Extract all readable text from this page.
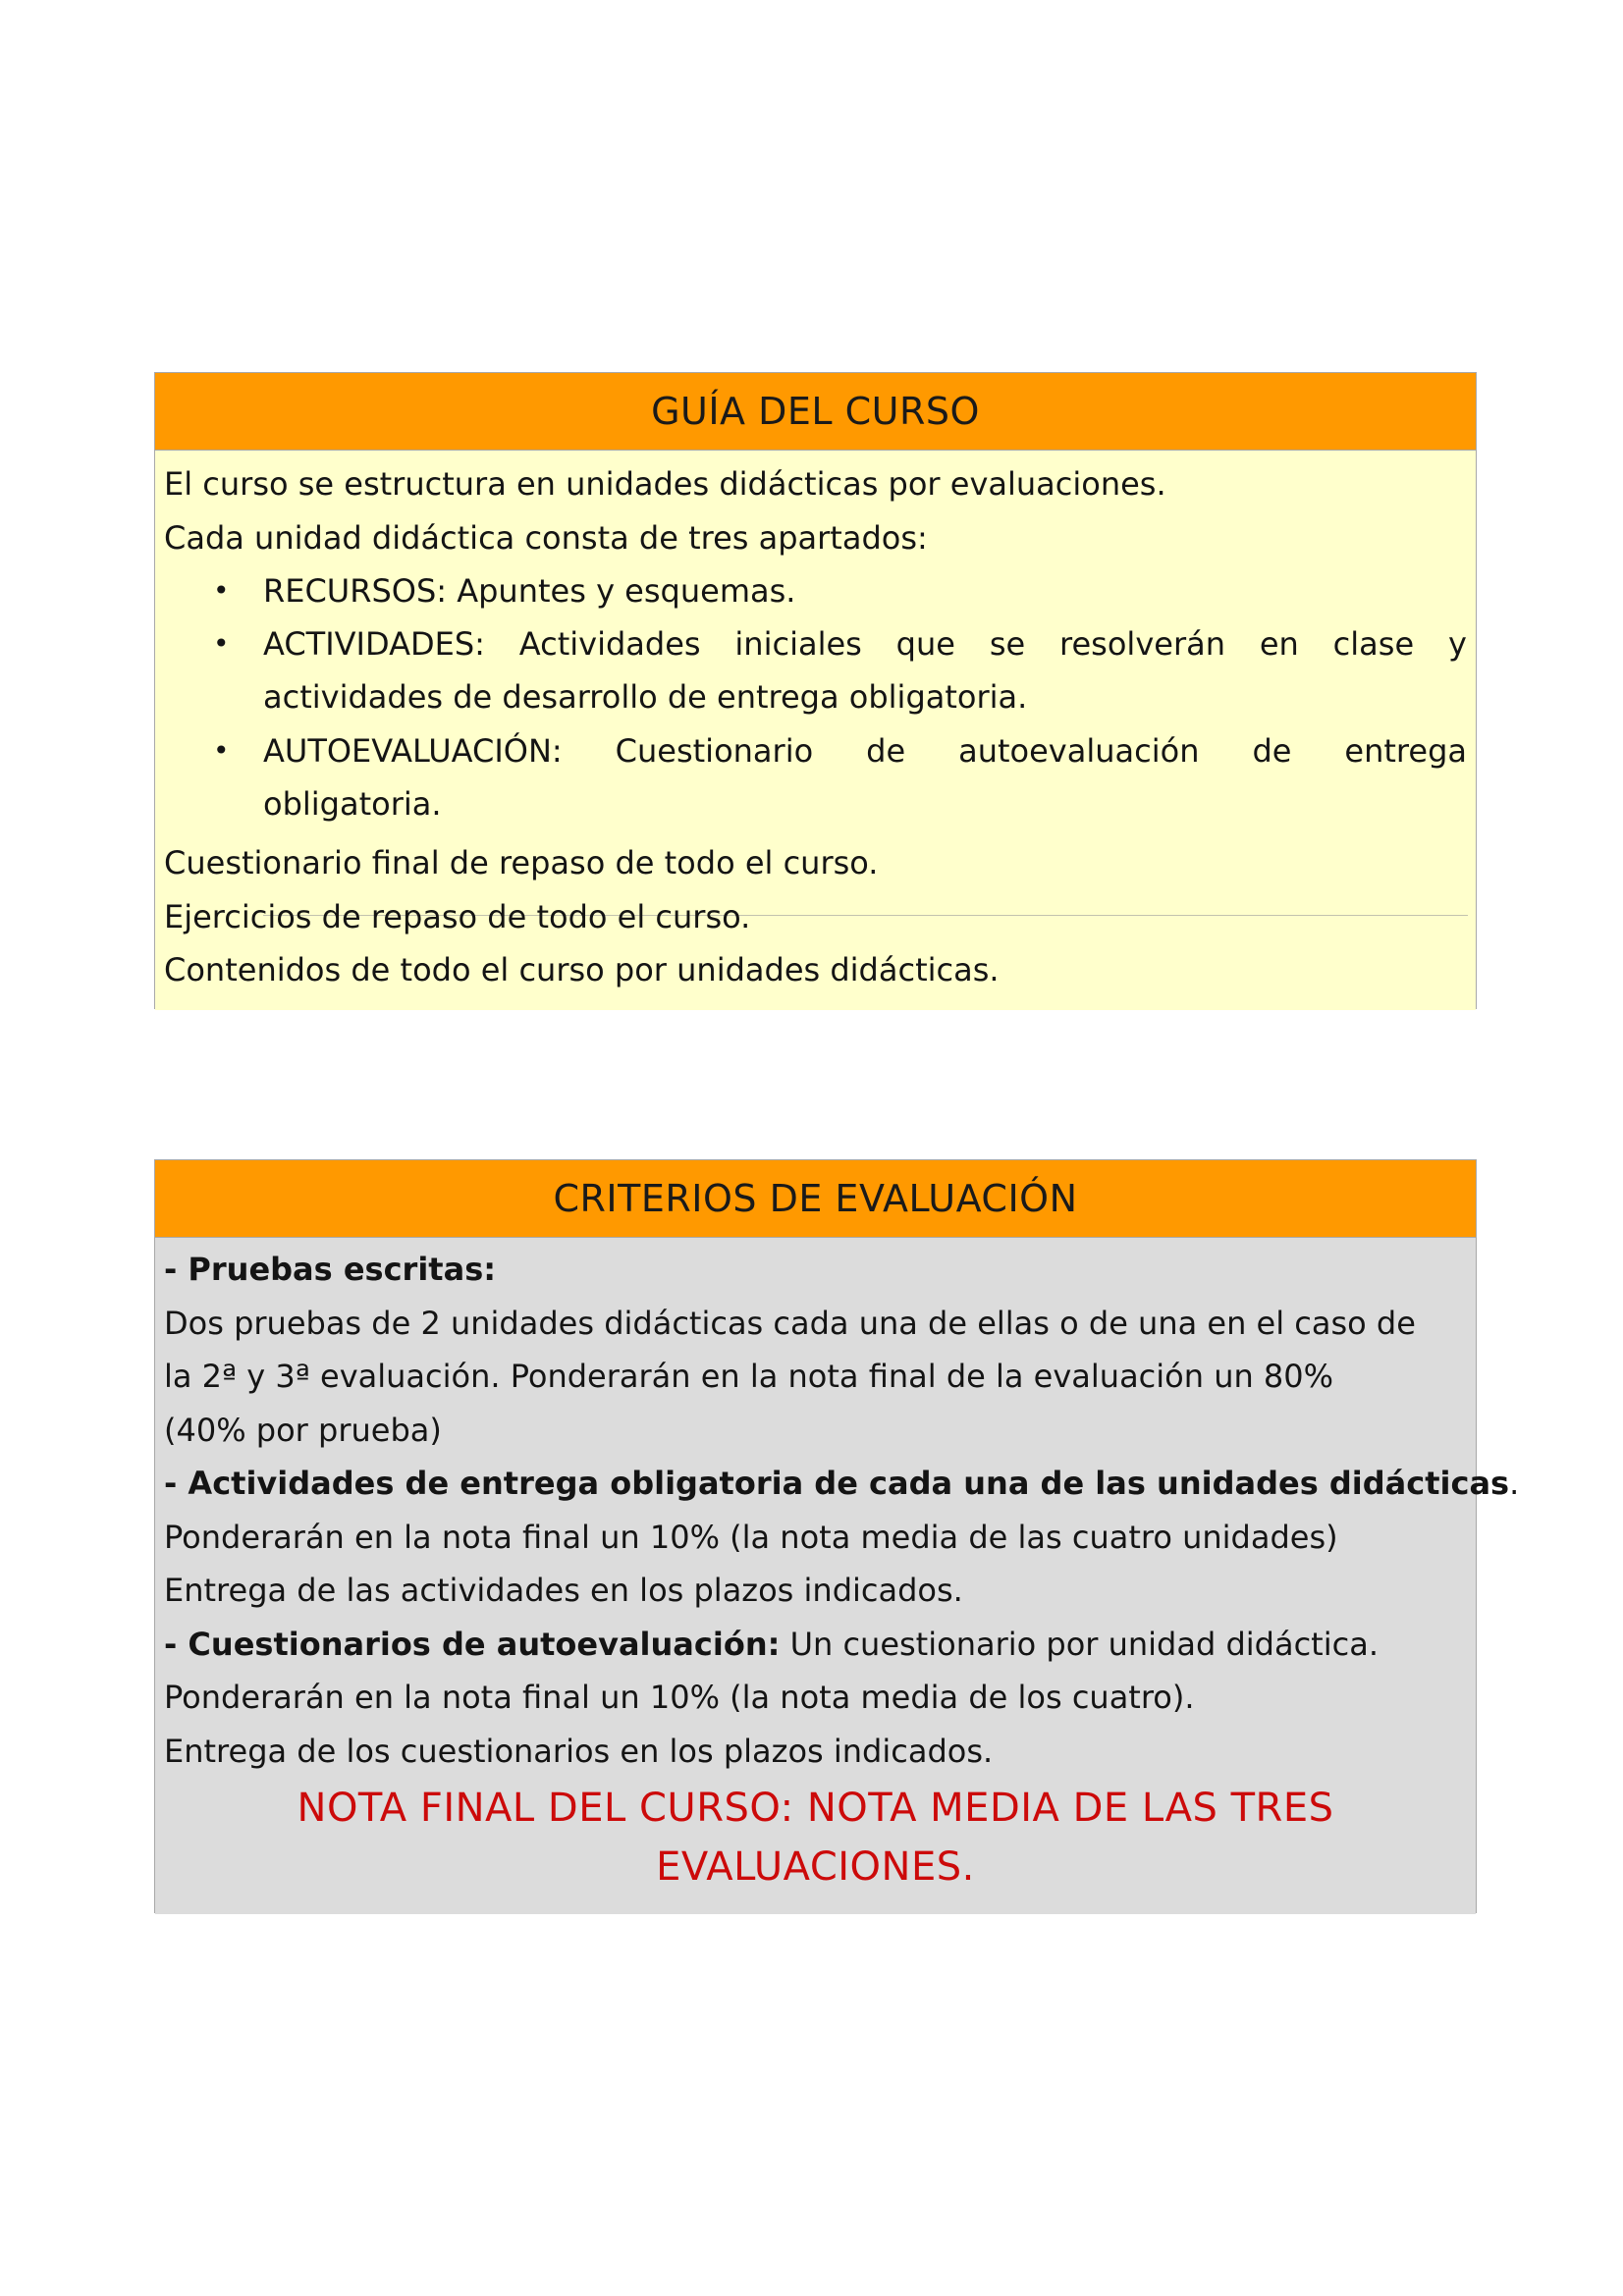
GUÍA DEL CURSO
El curso se estructura en unidades didácticas por evaluaciones.
Cada unidad didáctica consta de tres apartados:
• RECURSOS: Apuntes y esquemas.
• ACTIVIDADES: Actividades iniciales que se resolverán en clase y
actividades de desarrollo de entrega obligatoria.
• AUTOEVALUACIÓN: Cuestionario de autoevaluación de entrega
obligatoria.
Cuestionario final de repaso de todo el curso.
Ejercicios de repaso de todo el curso.
Contenidos de todo el curso por unidades didácticas.
CRITERIOS DE EVALUACIÓN
- Pruebas escritas:
Dos pruebas de 2 unidades didácticas cada una de ellas o de una en el caso de
la 2ª y 3ª evaluación. Ponderarán en la nota final de la evaluación un 80%
(40% por prueba)
- Actividades de entrega obligatoria de cada una de las unidades didácticas.
Ponderarán en la nota final un 10% (la nota media de las cuatro unidades)
Entrega de las actividades en los plazos indicados.
- Cuestionarios de autoevaluación: Un cuestionario por unidad didáctica.
Ponderarán en la nota final un 10% (la nota media de los cuatro).
Entrega de los cuestionarios en los plazos indicados.
NOTA FINAL DEL CURSO: NOTA MEDIA DE LAS TRES
EVALUACIONES.
